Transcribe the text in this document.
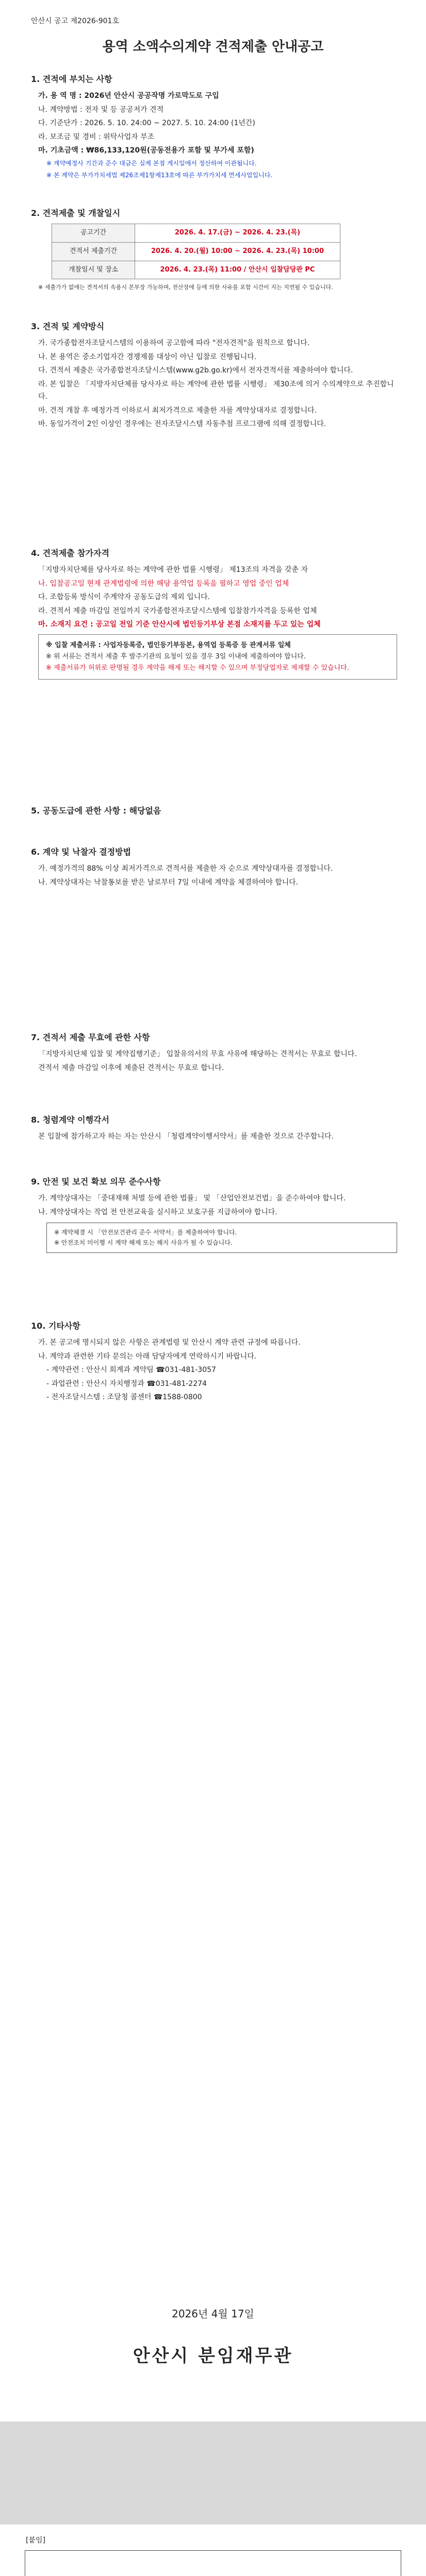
안산시 공고 제2026-901호
용역 소액수의계약 견적제출 안내공고
1. 견적에 부치는 사항
가. 용 역 명 : 2026년 안산시 공공작명 가로막도로 구입
나. 계약방법 : 전자 및 등 공공저가 견적
다. 기준단가 : 2026. 5. 10. 24:00 ~ 2027. 5. 10. 24:00 (1년간)
라. 보조금 및 경비 : 위탁사업자 부조
마. 기초금액 : ₩86,133,120원(공동전용가 포함 및 부가세 포함)
※ 계약예정사 기간과 준수 대금은 실제 본점 게시일에서 정산하여 이관됩니다.
※ 본 계약은 부가가치세법 제26조제1항제13호에 따른 부가가치세 면세사업입니다.
2. 견적제출 및 개찰일시
공고기간	2026. 4. 17.(금) ~ 2026. 4. 23.(목)
견적서 제출기간	2026. 4. 20.(월) 10:00 ~ 2026. 4. 23.(목) 10:00
개찰일시 및 장소	2026. 4. 23.(목) 11:00 / 안산시 입찰담당관 PC
※ 세출가가 없애는 견적서의 속용시 본부장 가능하며, 전산장에 등에 의한 사유를 포함 시간이 지는 지연될 수 있습니다.
3. 견적 및 계약방식
가. 국가종합전자조달시스템의 이용하여 공고함에 따라 "전자견적"을 원칙으로 합니다.
나. 본 용역은 중소기업자간 경쟁제품 대상이 아닌 입찰로 진행됩니다.
다. 견적서 제출은 국가종합전자조달시스템(www.g2b.go.kr)에서 전자견적서를 제출하여야 합니다.
라. 본 입찰은 「지방자치단체를 당사자로 하는 계약에 관한 법률 시행령」 제30조에 의거 수의계약으로 추진합니다.
마. 견적 개찰 후 예정가격 이하로서 최저가격으로 제출한 자를 계약상대자로 결정합니다.
바. 동일가격이 2인 이상인 경우에는 전자조달시스템 자동추첨 프로그램에 의해 결정합니다.
4. 견적제출 참가자격
「지방자치단체를 당사자로 하는 계약에 관한 법률 시행령」 제13조의 자격을 갖춘 자
나. 입찰공고일 현재 관계법령에 의한 해당 용역업 등록을 필하고 영업 중인 업체
다. 조합등록 방식이 주계약자 공동도급의 제외 입니다.
라. 견적서 제출 마감일 전일까지 국가종합전자조달시스템에 입찰참가자격을 등록한 업체
마. 소재지 요건 : 공고일 전일 기준 안산시에 법인등기부상 본점 소재지를 두고 있는 업체
※ 입찰 제출서류 : 사업자등록증, 법인등기부등본, 용역업 등록증 등 관계서류 일체
※ 위 서류는 견적서 제출 후 발주기관의 요청이 있을 경우 3일 이내에 제출하여야 합니다.
※ 제출서류가 허위로 판명될 경우 계약을 해제 또는 해지할 수 있으며 부정당업자로 제재할 수 있습니다.
5. 공동도급에 관한 사항 : 해당없음
6. 계약 및 낙찰자 결정방법
가. 예정가격의 88% 이상 최저가격으로 견적서를 제출한 자 순으로 계약상대자를 결정합니다.
나. 계약상대자는 낙찰통보를 받은 날로부터 7일 이내에 계약을 체결하여야 합니다.
7. 견적서 제출 무효에 관한 사항
「지방자치단체 입찰 및 계약집행기준」 입찰유의서의 무효 사유에 해당하는 견적서는 무효로 합니다.
견적서 제출 마감일 이후에 제출된 견적서는 무효로 합니다.
8. 청렴계약 이행각서
본 입찰에 참가하고자 하는 자는 안산시 「청렴계약이행서약서」를 제출한 것으로 간주합니다.
9. 안전 및 보건 확보 의무 준수사항
가. 계약상대자는 「중대재해 처벌 등에 관한 법률」 및 「산업안전보건법」을 준수하여야 합니다.
나. 계약상대자는 작업 전 안전교육을 실시하고 보호구를 지급하여야 합니다.
※ 계약체결 시 「안전보건관리 준수 서약서」를 제출하여야 합니다.
※ 안전조치 미이행 시 계약 해제 또는 해지 사유가 될 수 있습니다.
10. 기타사항
가. 본 공고에 명시되지 않은 사항은 관계법령 및 안산시 계약 관련 규정에 따릅니다.
나. 계약과 관련한 기타 문의는 아래 담당자에게 연락하시기 바랍니다.
- 계약관련 : 안산시 회계과 계약팀 ☎031-481-3057
- 과업관련 : 안산시 자치행정과 ☎031-481-2274
- 전자조달시스템 : 조달청 콜센터 ☎1588-0800
2026년 4월 17일
안산시 분임재무관
[붙임]
